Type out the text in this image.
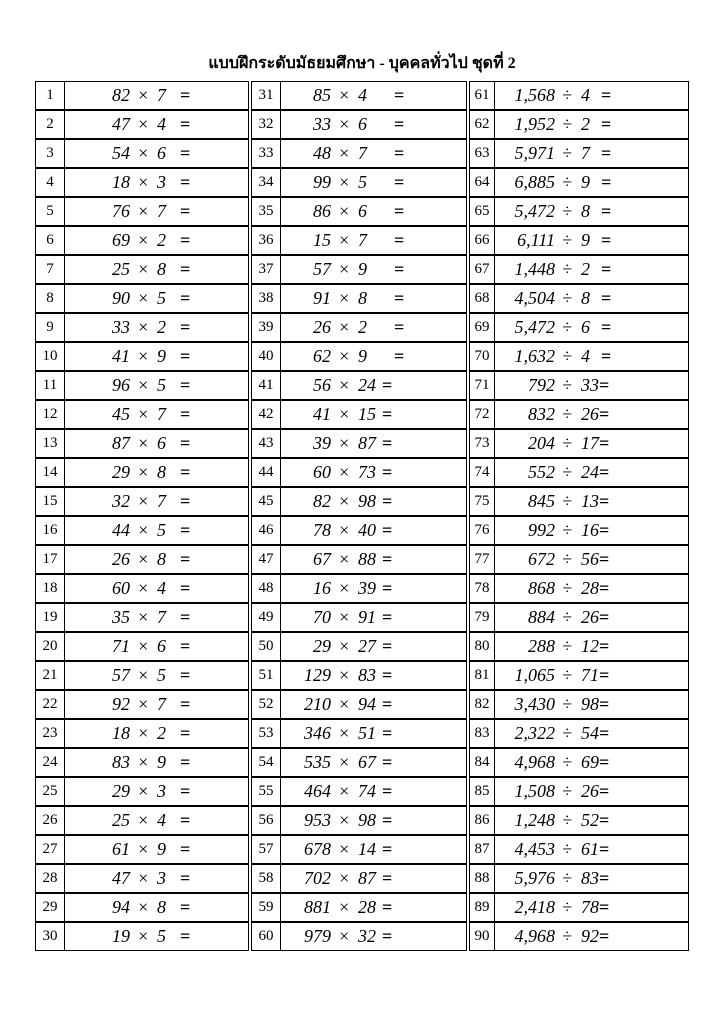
แบบฝึกระดับมัธยมศึกษา - บุคคลทั่วไป ชุดที่ 2
1	82 × 7 =
2	47 × 4 =
3	54 × 6 =
4	18 × 3 =
5	76 × 7 =
6	69 × 2 =
7	25 × 8 =
8	90 × 5 =
9	33 × 2 =
10	41 × 9 =
11	96 × 5 =
12	45 × 7 =
13	87 × 6 =
14	29 × 8 =
15	32 × 7 =
16	44 × 5 =
17	26 × 8 =
18	60 × 4 =
19	35 × 7 =
20	71 × 6 =
21	57 × 5 =
22	92 × 7 =
23	18 × 2 =
24	83 × 9 =
25	29 × 3 =
26	25 × 4 =
27	61 × 9 =
28	47 × 3 =
29	94 × 8 =
30	19 × 5 =
31	85 × 4 =
32	33 × 6 =
33	48 × 7 =
34	99 × 5 =
35	86 × 6 =
36	15 × 7 =
37	57 × 9 =
38	91 × 8 =
39	26 × 2 =
40	62 × 9 =
41	56 × 24 =
42	41 × 15 =
43	39 × 87 =
44	60 × 73 =
45	82 × 98 =
46	78 × 40 =
47	67 × 88 =
48	16 × 39 =
49	70 × 91 =
50	29 × 27 =
51	129 × 83 =
52	210 × 94 =
53	346 × 51 =
54	535 × 67 =
55	464 × 74 =
56	953 × 98 =
57	678 × 14 =
58	702 × 87 =
59	881 × 28 =
60	979 × 32 =
61	1,568 ÷ 4 =
62	1,952 ÷ 2 =
63	5,971 ÷ 7 =
64	6,885 ÷ 9 =
65	5,472 ÷ 8 =
66	6,111 ÷ 9 =
67	1,448 ÷ 2 =
68	4,504 ÷ 8 =
69	5,472 ÷ 6 =
70	1,632 ÷ 4 =
71	792 ÷ 33 =
72	832 ÷ 26 =
73	204 ÷ 17 =
74	552 ÷ 24 =
75	845 ÷ 13 =
76	992 ÷ 16 =
77	672 ÷ 56 =
78	868 ÷ 28 =
79	884 ÷ 26 =
80	288 ÷ 12 =
81	1,065 ÷ 71 =
82	3,430 ÷ 98 =
83	2,322 ÷ 54 =
84	4,968 ÷ 69 =
85	1,508 ÷ 26 =
86	1,248 ÷ 52 =
87	4,453 ÷ 61 =
88	5,976 ÷ 83 =
89	2,418 ÷ 78 =
90	4,968 ÷ 92 =
